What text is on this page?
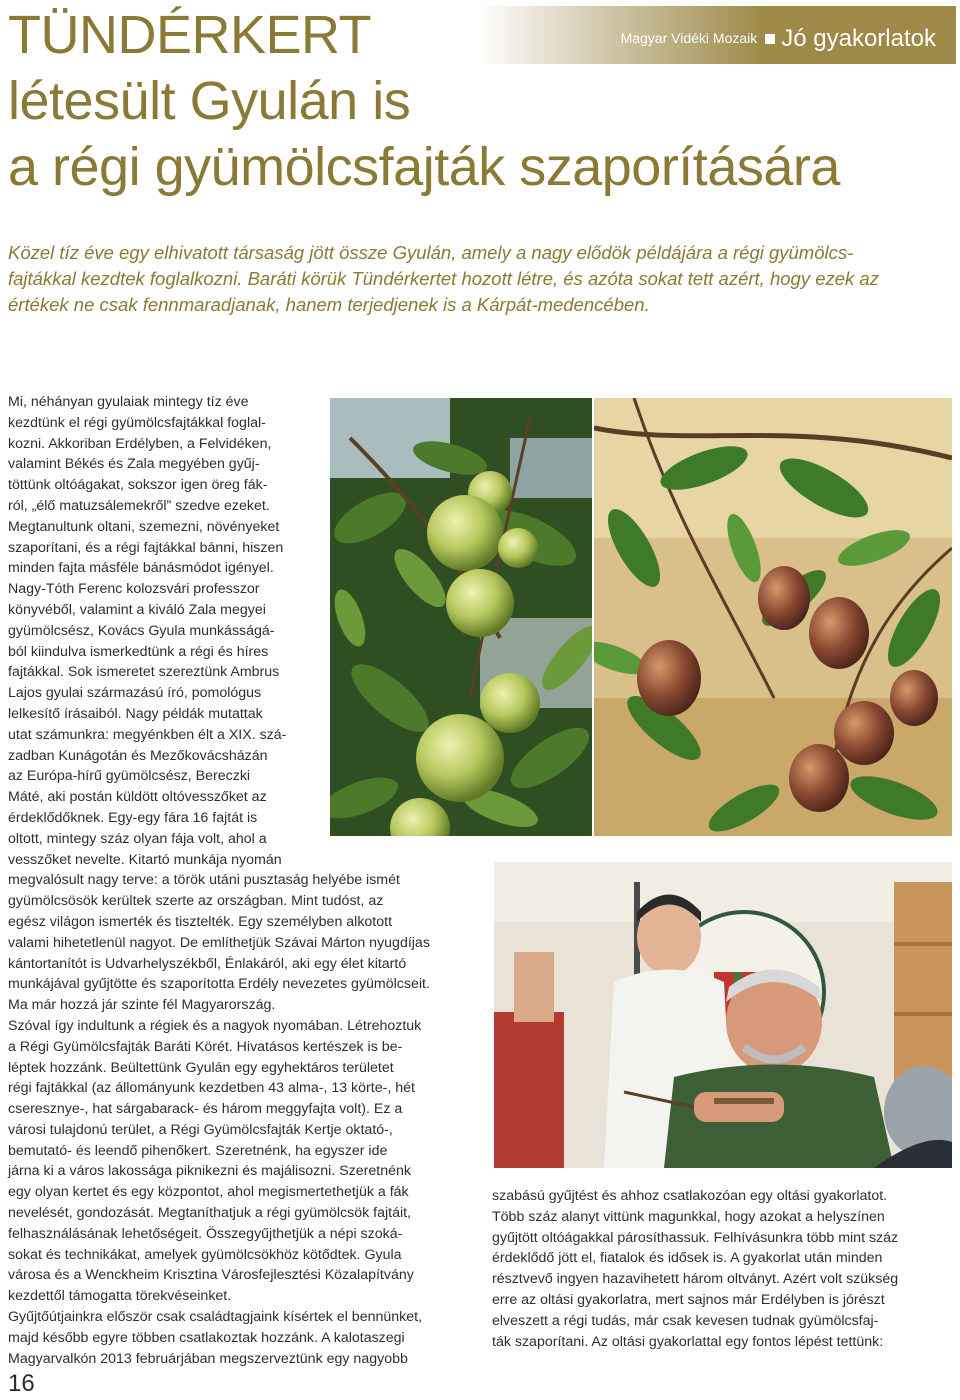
TÜNDÉRKERT
létesült Gyulán is
a régi gyümölcsfajták szaporítására
Magyar Vidéki Mozaik Jó gyakorlatok
Közel tíz éve egy elhivatott társaság jött össze Gyulán, amely a nagy elődök példájára a régi gyümölcs-
fajtákkal kezdtek foglalkozni. Baráti körük Tündérkertet hozott létre, és azóta sokat tett azért, hogy ezek az
értékek ne csak fennmaradjanak, hanem terjedjenek is a Kárpát-medencében.
Mi, néhányan gyulaiak mintegy tíz éve
kezdtünk el régi gyümölcsfajtákkal foglal-
kozni. Akkoriban Erdélyben, a Felvidéken,
valamint Békés és Zala megyében gyűj-
töttünk oltóágakat, sokszor igen öreg fák-
ról, „élő matuzsálemekről” szedve ezeket.
Megtanultunk oltani, szemezni, növényeket
szaporítani, és a régi fajtákkal bánni, hiszen
minden fajta másféle bánásmódot igényel.
Nagy-Tóth Ferenc kolozsvári professzor
könyvéből, valamint a kiváló Zala megyei
gyümölcsész, Kovács Gyula munkásságá-
ból kiindulva ismerkedtünk a régi és híres
fajtákkal. Sok ismeretet szereztünk Ambrus
Lajos gyulai származású író, pomológus
lelkesítő írásaiból. Nagy példák mutattak
utat számunkra: megyénkben élt a XIX. szá-
zadban Kunágotán és Mezőkovácsházán
az Európa-hírű gyümölcsész, Bereczki
Máté, aki postán küldött oltóvesszőket az
érdeklődőknek. Egy-egy fára 16 fajtát is
oltott, mintegy száz olyan fája volt, ahol a
vesszőket nevelte. Kitartó munkája nyomán
megvalósult nagy terve: a török utáni pusztaság helyébe ismét
gyümölcsösök kerültek szerte az országban. Mint tudóst, az
egész világon ismerték és tisztelték. Egy személyben alkotott
valami hihetetlenül nagyot. De említhetjük Szávai Márton nyugdíjas
kántortanítót is Udvarhelyszékből, Énlakáról, aki egy élet kitartó
munkájával gyűjtötte és szaporította Erdély nevezetes gyümölcseit.
Ma már hozzá jár szinte fél Magyarország.
Szóval így indultunk a régiek és a nagyok nyomában. Létrehoztuk
a Régi Gyümölcsfajták Baráti Körét. Hivatásos kertészek is be-
léptek hozzánk. Beültettünk Gyulán egy egyhektáros területet
régi fajtákkal (az állományunk kezdetben 43 alma-, 13 körte-, hét
cseresznye-, hat sárgabarack- és három meggyfajta volt). Ez a
városi tulajdonú terület, a Régi Gyümölcsfajták Kertje oktató-,
bemutató- és leendő pihenőkert. Szeretnénk, ha egyszer ide
járna ki a város lakossága piknikezni és majálisozni. Szeretnénk
egy olyan kertet és egy központot, ahol megismertethetjük a fák
nevelését, gondozását. Megtaníthatjuk a régi gyümölcsök fajtáit,
felhasználásának lehetőségeit. Összegyűjthetjük a népi szoká-
sokat és technikákat, amelyek gyümölcsökhöz kötődtek. Gyula
városa és a Wenckheim Krisztina Városfejlesztési Közalapítvány
kezdettől támogatta törekvéseinket.
Gyűjtőútjainkra először csak családtagjaink kísértek el bennünket,
majd később egyre többen csatlakoztak hozzánk. A kalotaszegi
Magyarvalkón 2013 februárjában megszerveztünk egy nagyobb
szabású gyűjtést és ahhoz csatlakozóan egy oltási gyakorlatot.
Több száz alanyt vittünk magunkkal, hogy azokat a helyszínen
gyűjtött oltóágakkal párosíthassuk. Felhívásunkra több mint száz
érdeklődő jött el, fiatalok és idősek is. A gyakorlat után minden
résztvevő ingyen hazavihetett három oltványt. Azért volt szükség
erre az oltási gyakorlatra, mert sajnos már Erdélyben is jórészt
elveszett a régi tudás, már csak kevesen tudnak gyümölcsfaj-
ták szaporítani. Az oltási gyakorlattal egy fontos lépést tettünk:
16
